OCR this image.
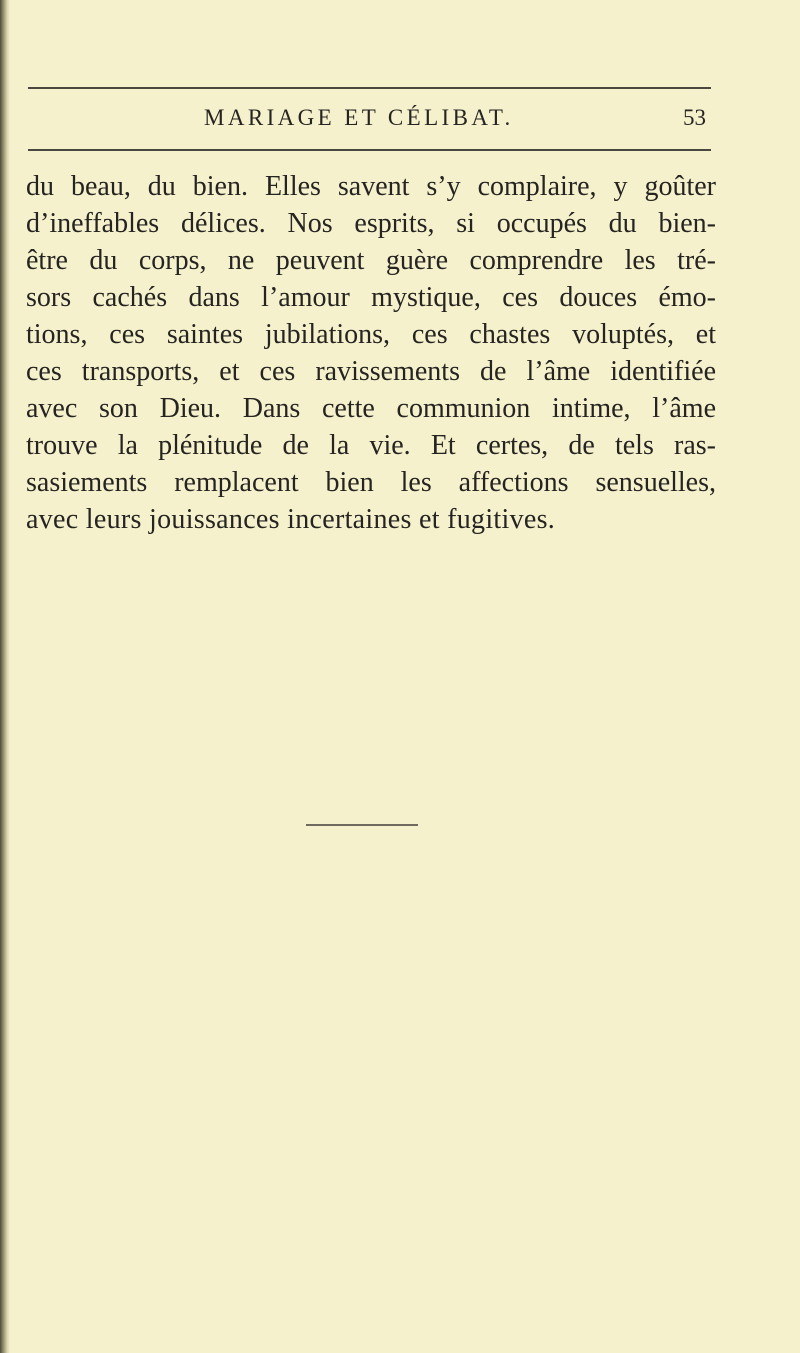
MARIAGE ET CÉLIBAT.	53
du beau, du bien. Elles savent s’y complaire, y goûter
d’ineffables délices. Nos esprits, si occupés du bien-
être du corps, ne peuvent guère comprendre les tré-
sors cachés dans l’amour mystique, ces douces émo-
tions, ces saintes jubilations, ces chastes voluptés, et
ces transports, et ces ravissements de l’âme identifiée
avec son Dieu. Dans cette communion intime, l’âme
trouve la plénitude de la vie. Et certes, de tels ras-
sasiements remplacent bien les affections sensuelles,
avec leurs jouissances incertaines et fugitives.
